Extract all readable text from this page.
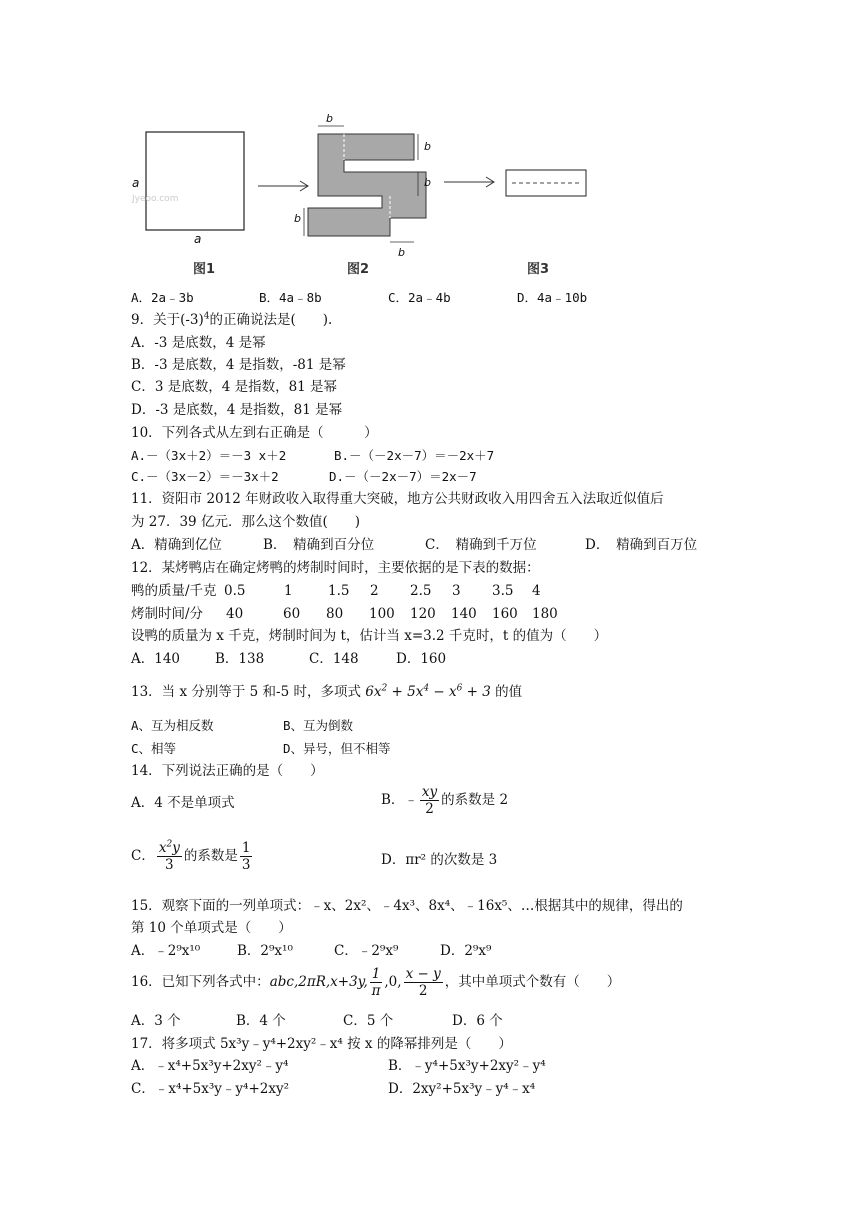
a
a
Jyeoo.com
b
b
b
b
b
图1	图2	图3
A．2a﹣3b	B．4a﹣8b	C．2a﹣4b	D．4a﹣10b
9．关于$(-3)^4$的正确说法是(　　).
A．-3 是底数，4 是幂
B．-3 是底数，4 是指数，-81 是幂
C．3 是底数，4 是指数，81 是幂
D．-3 是底数，4 是指数，81 是幂
10．下列各式从左到右正确是（　　　）
A.－（3x＋2）＝－3 x＋2	B.－（－2x－7）＝－2x＋7
C.－（3x－2）＝－3x＋2	D.－（－2x－7）＝2x－7
11．资阳市 2012 年财政收入取得重大突破，地方公共财政收入用四舍五入法取近似值后
为 27．39 亿元．那么这个数值(　　)
A．精确到亿位	B．　精确到百分位	C．　精确到千万位	D．　精确到百万位
12．某烤鸭店在确定烤鸭的烤制时间时，主要依据的是下表的数据：
鸭的质量/千克 0.5	1	1.5 2 2.5 3 3.5 4
烤制时间/分 40	60 80 100 120 140 160 180
设鸭的质量为 x 千克，烤制时间为 t，估计当 x=3.2 千克时，t 的值为（　　）
A．140	B．138	C．148	D．160
13．当 x 分别等于 5 和-5 时，多项式 $6x^2 + 5x^4 - x^6 + 3$ 的值
A、互为相反数	B、互为倒数
C、相等	D、异号，但不相等
14．下列说法正确的是（　　）
A．4 不是单项式	B．﹣ $\frac{xy}{2}$ 的系数是 2
C． $\frac{x^2y}{3}$ 的系数是 $\frac{1}{3}$	D．πr² 的次数是 3
15．观察下面的一列单项式：﹣x、2x²、﹣4x³、8x⁴、﹣16x⁵、…根据其中的规律，得出的
第 10 个单项式是（　　）
A．﹣2⁹x¹⁰	B．2⁹x¹⁰	C．﹣2⁹x⁹	D．2⁹x⁹
16．已知下列各式中：abc,2πR,x+3y, $\frac{1}{\pi} ,0$, $\frac{x - y}{2}$ ，其中单项式个数有（　　）
A．3 个	B．4 个	C．5 个	D．6 个
17．将多项式 5x³y﹣y⁴+2xy²﹣x⁴ 按 x 的降幂排列是（　　）
A．﹣x⁴+5x³y+2xy²﹣y⁴	B．﹣y⁴+5x³y+2xy²﹣y⁴
C．﹣x⁴+5x³y﹣y⁴+2xy²	D．2xy²+5x³y﹣y⁴﹣x⁴
